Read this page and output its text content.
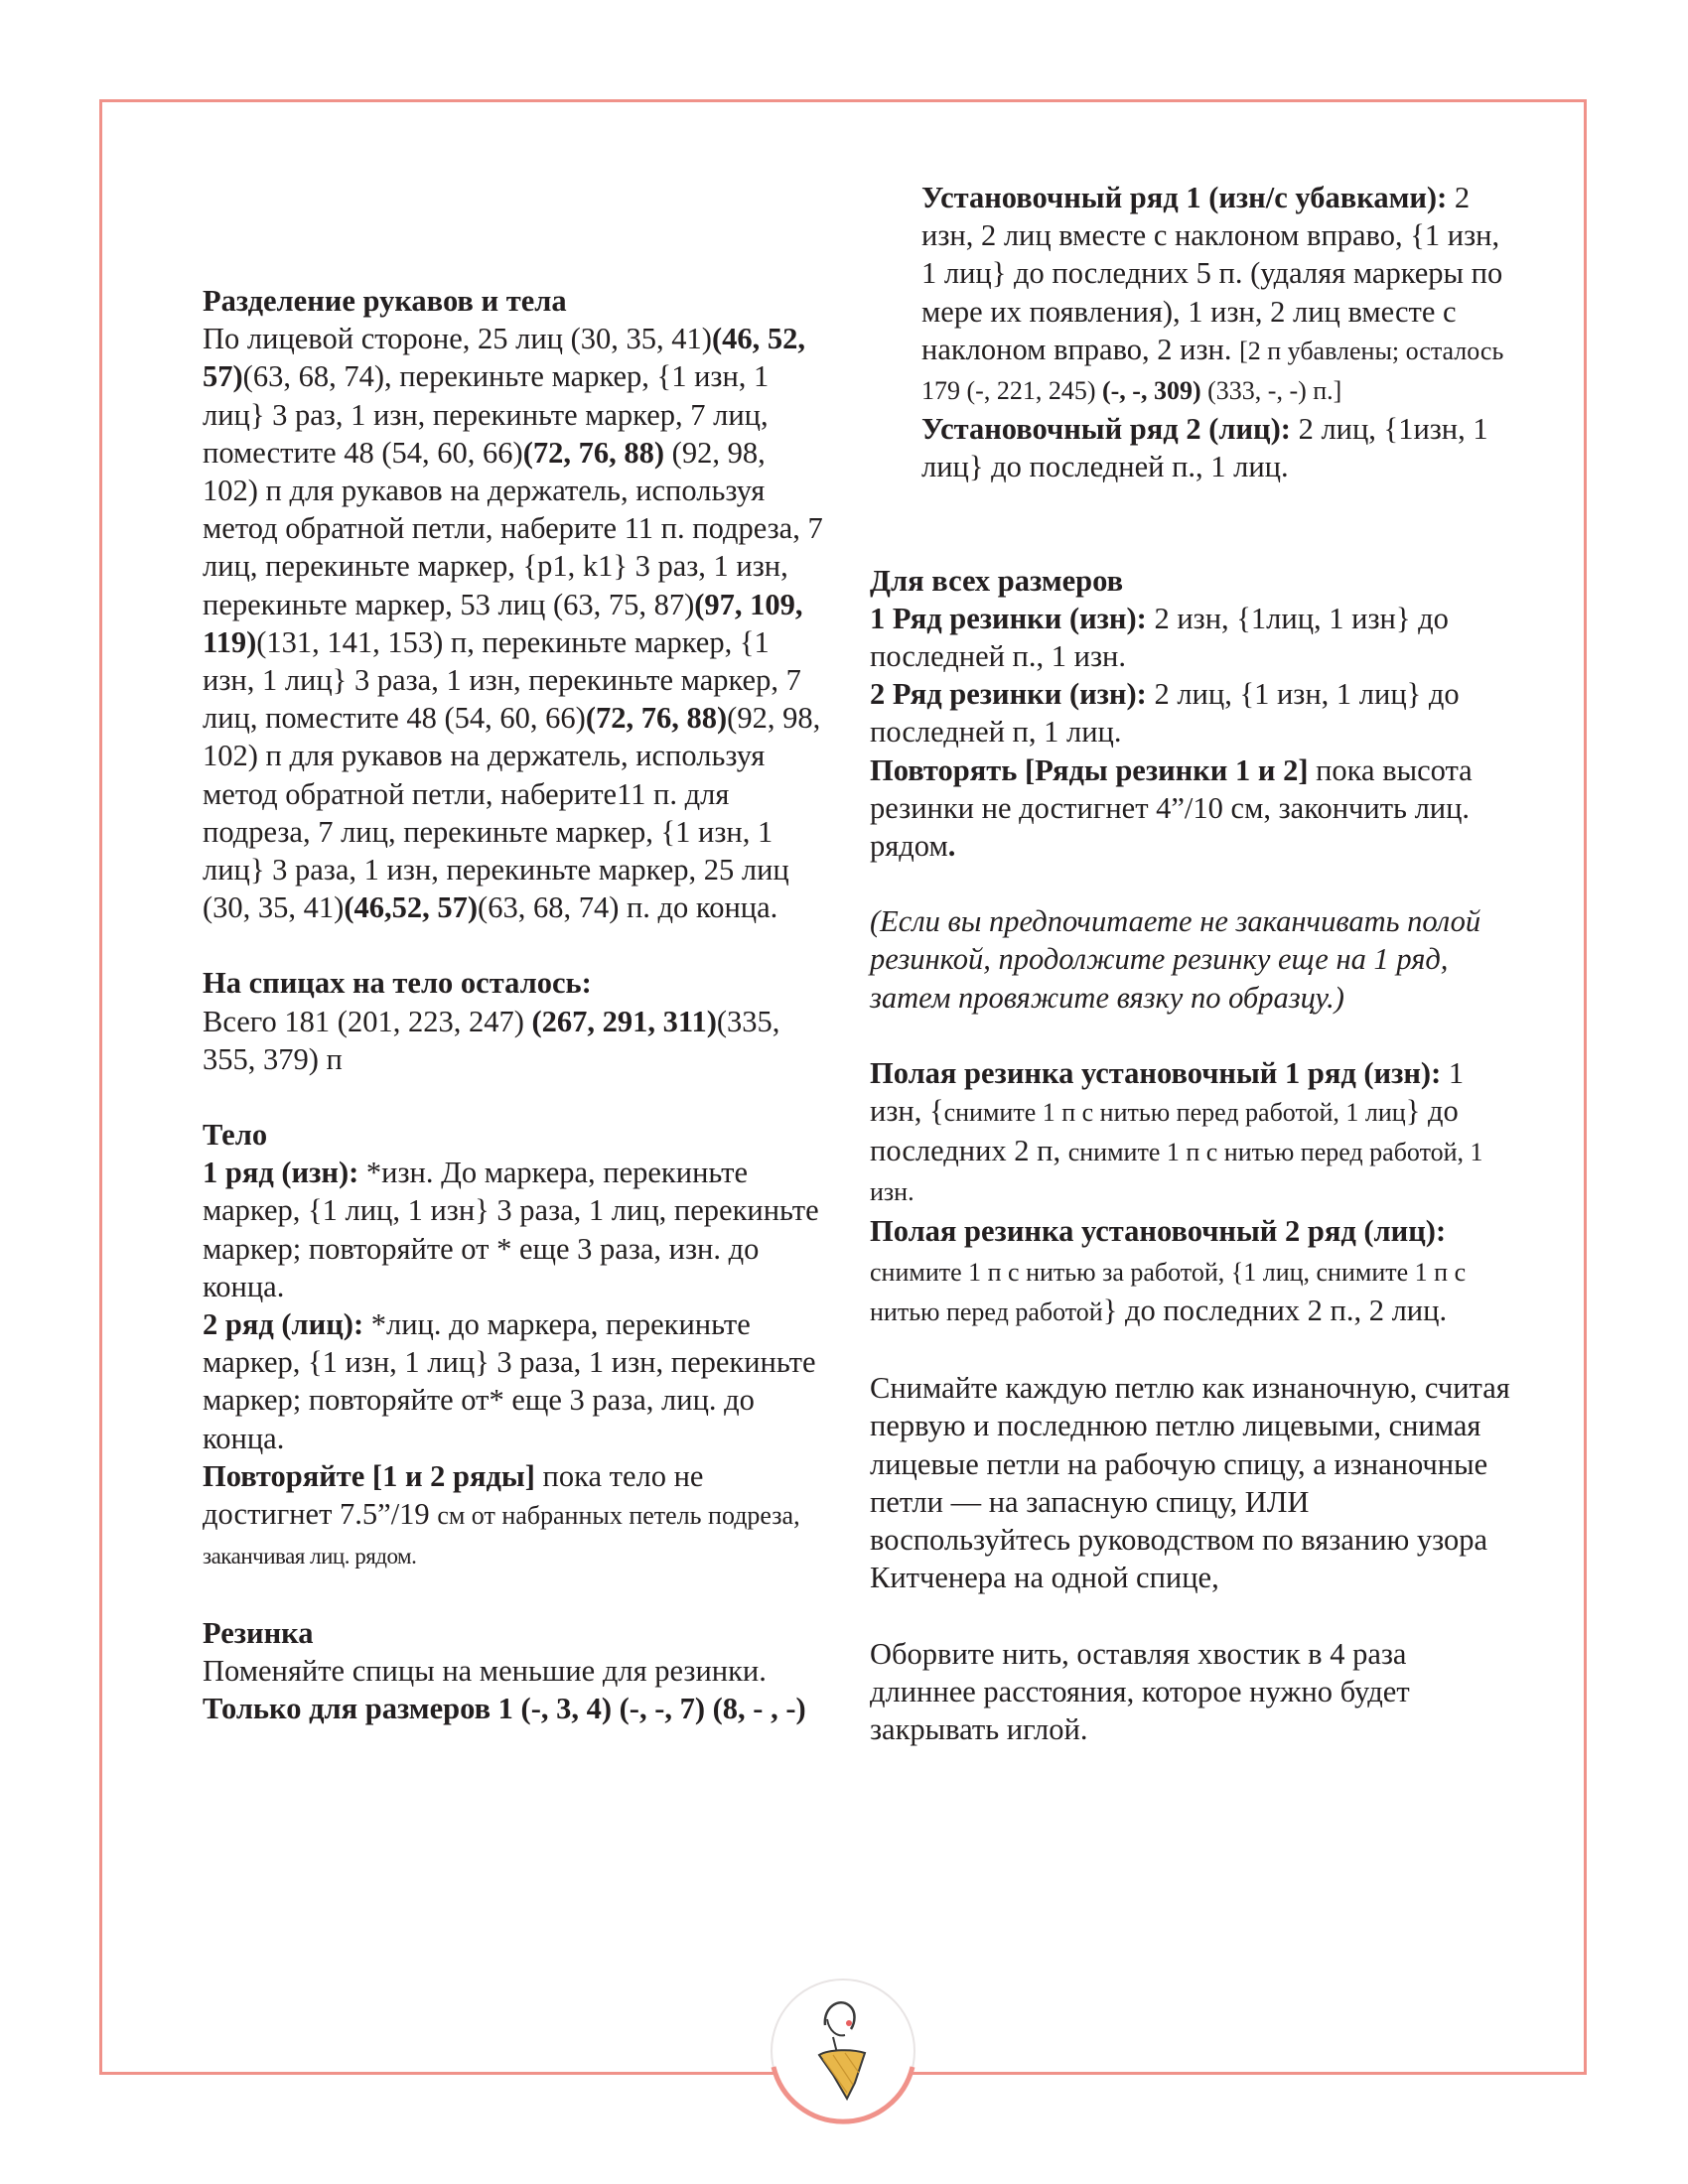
Разделение рукавов и тела
По лицевой стороне, 25 лиц (30, 35, 41)(46, 52, 57)(63, 68, 74), перекиньте маркер, {1 изн, 1 лиц} 3 раз, 1 изн, перекиньте маркер, 7 лиц, поместите 48 (54, 60, 66)(72, 76, 88) (92, 98, 102) п для рукавов на держатель, используя метод обратной петли, наберите 11 п. подреза, 7 лиц, перекиньте маркер, {p1, k1} 3 раз, 1 изн, перекиньте маркер, 53 лиц (63, 75, 87)(97, 109, 119)(131, 141, 153) п, перекиньте маркер, {1 изн, 1 лиц} 3 раза, 1 изн, перекиньте маркер, 7 лиц, поместите 48 (54, 60, 66)(72, 76, 88)(92, 98, 102) п для рукавов на держатель, используя метод обратной петли, наберите11 п. для подреза, 7 лиц, перекиньте маркер, {1 изн, 1 лиц} 3 раза, 1 изн, перекиньте маркер, 25 лиц (30, 35, 41)(46,52, 57)(63, 68, 74) п. до конца.

На спицах на тело осталось:
Всего 181 (201, 223, 247) (267, 291, 311)(335, 355, 379) п

Тело
1 ряд (изн): *изн. До маркера, перекиньте маркер, {1 лиц, 1 изн} 3 раза, 1 лиц, перекиньте маркер; повторяйте от * еще 3 раза, изн. до конца.
2 ряд (лиц): *лиц. до маркера, перекиньте маркер, {1 изн, 1 лиц} 3 раза, 1 изн, перекиньте маркер; повторяйте от* еще 3 раза, лиц. до конца.
Повторяйте [1 и 2 ряды] пока тело не достигнет 7.5”/19 см от набранных петель подреза, заканчивая лиц. рядом.

Резинка
Поменяйте спицы на меньшие для резинки.
Только для размеров 1 (-, 3, 4) (-, -, 7) (8, - , -)

Установочный ряд 1 (изн/с убавками): 2 изн, 2 лиц вместе с наклоном вправо, {1 изн, 1 лиц} до последних 5 п. (удаляя маркеры по мере их появления), 1 изн, 2 лиц вместе с наклоном вправо, 2 изн. [2 п убавлены; осталось 179 (-, 221, 245) (-, -, 309) (333, -, -) п.]

Установочный ряд 2 (лиц): 2 лиц, {1изн, 1 лиц} до последней п., 1 лиц.

Для всех размеров
1 Ряд резинки (изн): 2 изн, {1лиц, 1 изн} до последней п., 1 изн.
2 Ряд резинки (изн): 2 лиц, {1 изн, 1 лиц} до последней п, 1 лиц.
Повторять [Ряды резинки 1 и 2] пока высота резинки не достигнет 4”/10 см, закончить лиц. рядом.

(Если вы предпочитаете не заканчивать полой резинкой, продолжите резинку еще на 1 ряд, затем провяжите вязку по образцу.)

Полая резинка установочный 1 ряд (изн): 1 изн, {снимите 1 п с нитью перед работой, 1 лиц} до последних 2 п, снимите 1 п с нитью перед работой, 1 изн.
Полая резинка установочный 2 ряд (лиц): снимите 1 п с нитью за работой, {1 лиц, снимите 1 п с нитью перед работой} до последних 2 п., 2 лиц.

Снимайте каждую петлю как изнаночную, считая первую и последнюю петлю лицевыми, снимая лицевые петли на рабочую спицу, а изнаночные петли — на запасную спицу, ИЛИ воспользуйтесь руководством по вязанию узора Китченера на одной спице,

Оборвите нить, оставляя хвостик в 4 раза длиннее расстояния, которое нужно будет закрывать иглой.
